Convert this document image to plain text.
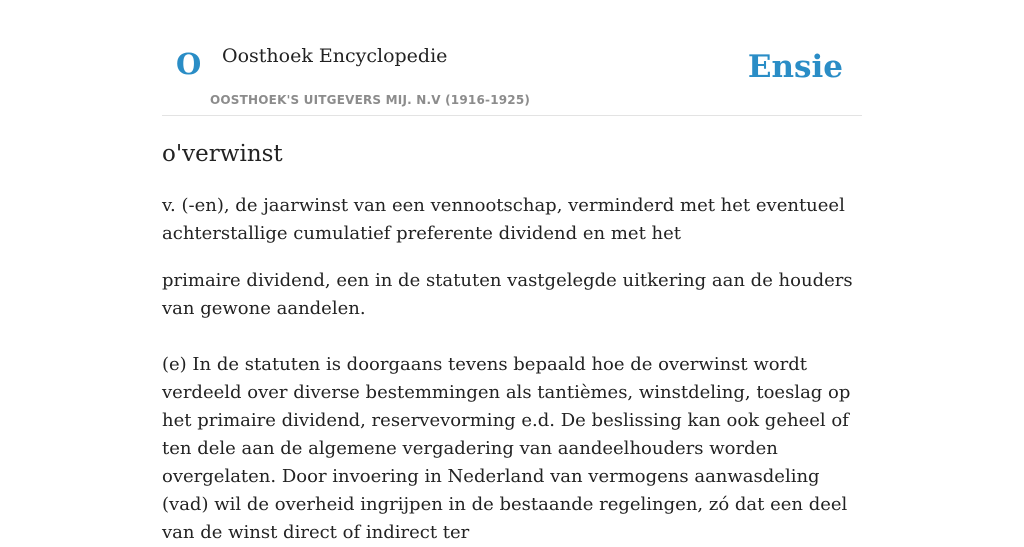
O Oosthoek Encyclopedie
OOSTHOEK'S UITGEVERS MIJ. N.V (1916-1925)
Ensie
o'verwinst

v. (-en), de jaarwinst van een vennootschap, verminderd met het eventueel achterstallige cumulatief preferente dividend en met het

primaire dividend, een in de statuten vastgelegde uitkering aan de houders van gewone aandelen.

(e) In de statuten is doorgaans tevens bepaald hoe de overwinst wordt verdeeld over diverse bestemmingen als tantièmes, winstdeling, toeslag op het primaire dividend, reservevorming e.d. De beslissing kan ook geheel of ten dele aan de algemene vergadering van aandeelhouders worden overgelaten. Door invoering in Nederland van vermogens aanwasdeling (vad) wil de overheid ingrijpen in de bestaande regelingen, zó dat een deel van de winst direct of indirect ter
